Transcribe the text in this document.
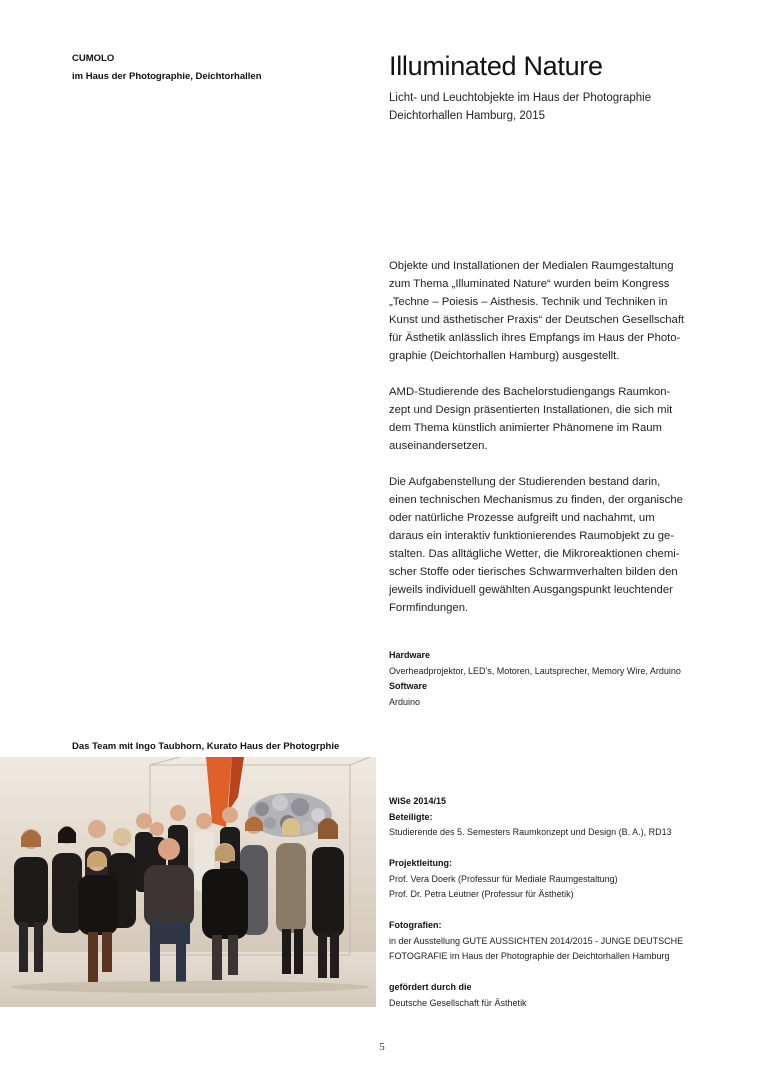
CUMOLO
im Haus der Photographie, Deichtorhallen	Illuminated Nature
Licht- und Leuchtobjekte im Haus der Photographie
Deichtorhallen Hamburg, 2015

Objekte und Installationen der Medialen Raumgestaltung
zum Thema „Illuminated Nature“ wurden beim Kongress
„Techne – Poiesis – Aisthesis. Technik und Techniken in
Kunst und ästhetischer Praxis“ der Deutschen Gesellschaft
für Ästhetik anlässlich ihres Empfangs im Haus der Photo-
graphie (Deichtorhallen Hamburg) ausgestellt.

AMD-Studierende des Bachelorstudiengangs Raumkon-
zept und Design präsentierten Installationen, die sich mit
dem Thema künstlich animierter Phänomene im Raum
auseinandersetzen.

Die Aufgabenstellung der Studierenden bestand darin,
einen technischen Mechanismus zu finden, der organische
oder natürliche Prozesse aufgreift und nachahmt, um
daraus ein interaktiv funktionierendes Raumobjekt zu ge-
stalten. Das alltägliche Wetter, die Mikroreaktionen chemi-
scher Stoffe oder tierisches Schwarmverhalten bilden den
jeweils individuell gewählten Ausgangspunkt leuchtender
Formfindungen.

Hardware
Overheadprojektor, LED's, Motoren, Lautsprecher, Memory Wire, Arduino
Software
Arduino
Das Team mit Ingo Taubhorn, Kurato Haus der Photogrphie
WiSe 2014/15
Beteiligte:
Studierende des 5. Semesters Raumkonzept und Design (B. A.), RD13
Projektleitung:
Prof. Vera Doerk (Professur für Mediale Raumgestaltung)
Prof. Dr. Petra Leutner (Professur für Ästhetik)
Fotografien:
in der Ausstellung GUTE AUSSICHTEN 2014/2015 - JUNGE DEUTSCHE
FOTOGRAFIE im Haus der Photographie der Deichtorhallen Hamburg
gefördert durch die
Deutsche Gesellschaft für Ästhetik
5
